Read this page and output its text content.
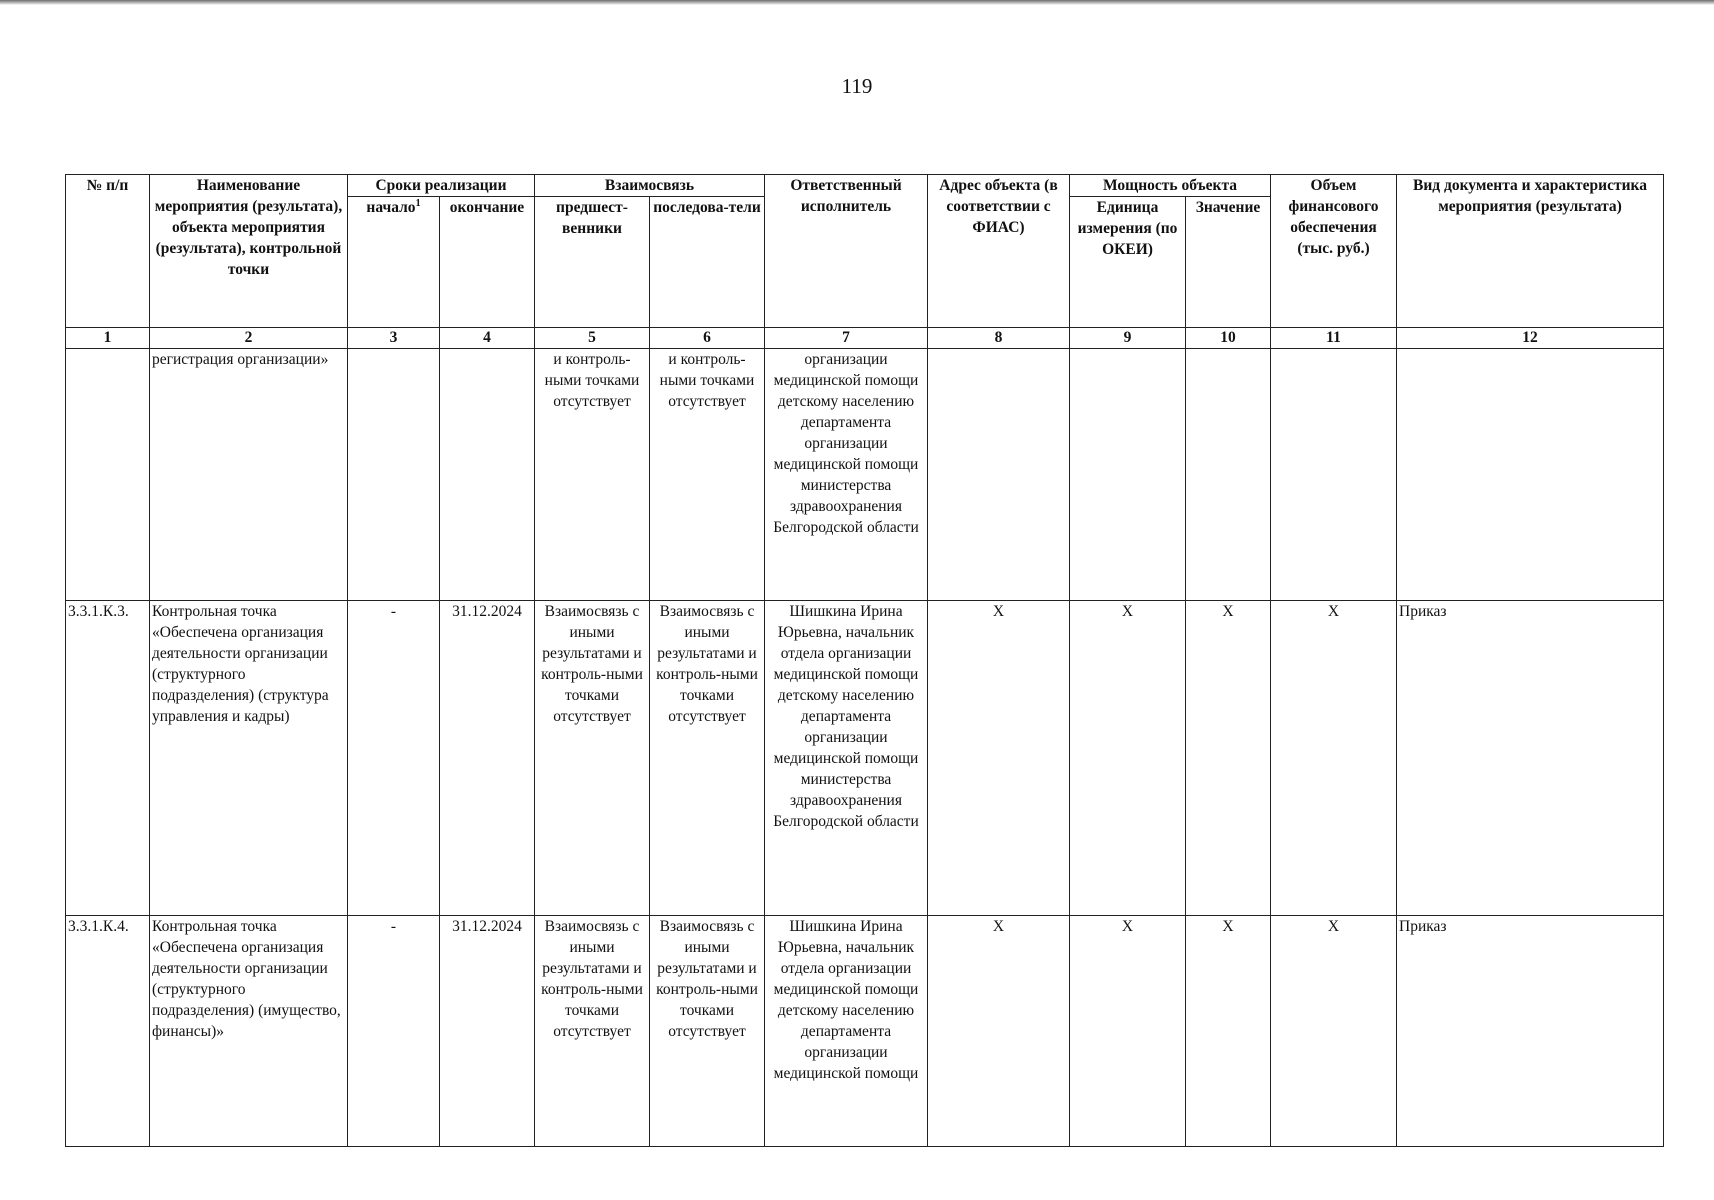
119
№ п/п	Наименование мероприятия (результата), объекта мероприятия (результата), контрольной точки	Сроки реализации		Взаимосвязь		Ответственный исполнитель	Адрес объекта (в соответствии с ФИАС)	Мощность объекта		Объем финансового обеспечения (тыс. руб.)	Вид документа и характеристика мероприятия (результата)
		начало$^1$	окончание	предшест-венники	последова-тели			Единица измерения (по ОКЕИ)	Значение		
1	2	3	4	5	6	7	8	9	10	11	12
	регистрация организации»			и контроль-ными точками отсутствует	и контроль-ными точками отсутствует	организации медицинской помощи детскому населению департамента организации медицинской помощи министерства здравоохранения Белгородской области					
3.3.1.К.3.	Контрольная точка «Обеспечена организация деятельности организации (структурного подразделения) (структура управления и кадры)	-	31.12.2024	Взаимосвязь с иными результатами и контроль-ными точками отсутствует	Взаимосвязь с иными результатами и контроль-ными точками отсутствует	Шишкина Ирина Юрьевна, начальник отдела организации медицинской помощи детскому населению департамента организации медицинской помощи министерства здравоохранения Белгородской области	Х	Х	Х	Х	Приказ
3.3.1.К.4.	Контрольная точка «Обеспечена организация деятельности организации (структурного подразделения) (имущество, финансы)»	-	31.12.2024	Взаимосвязь с иными результатами и контроль-ными точками отсутствует	Взаимосвязь с иными результатами и контроль-ными точками отсутствует	Шишкина Ирина Юрьевна, начальник отдела организации медицинской помощи детскому населению департамента организации медицинской помощи	Х	Х	Х	Х	Приказ
